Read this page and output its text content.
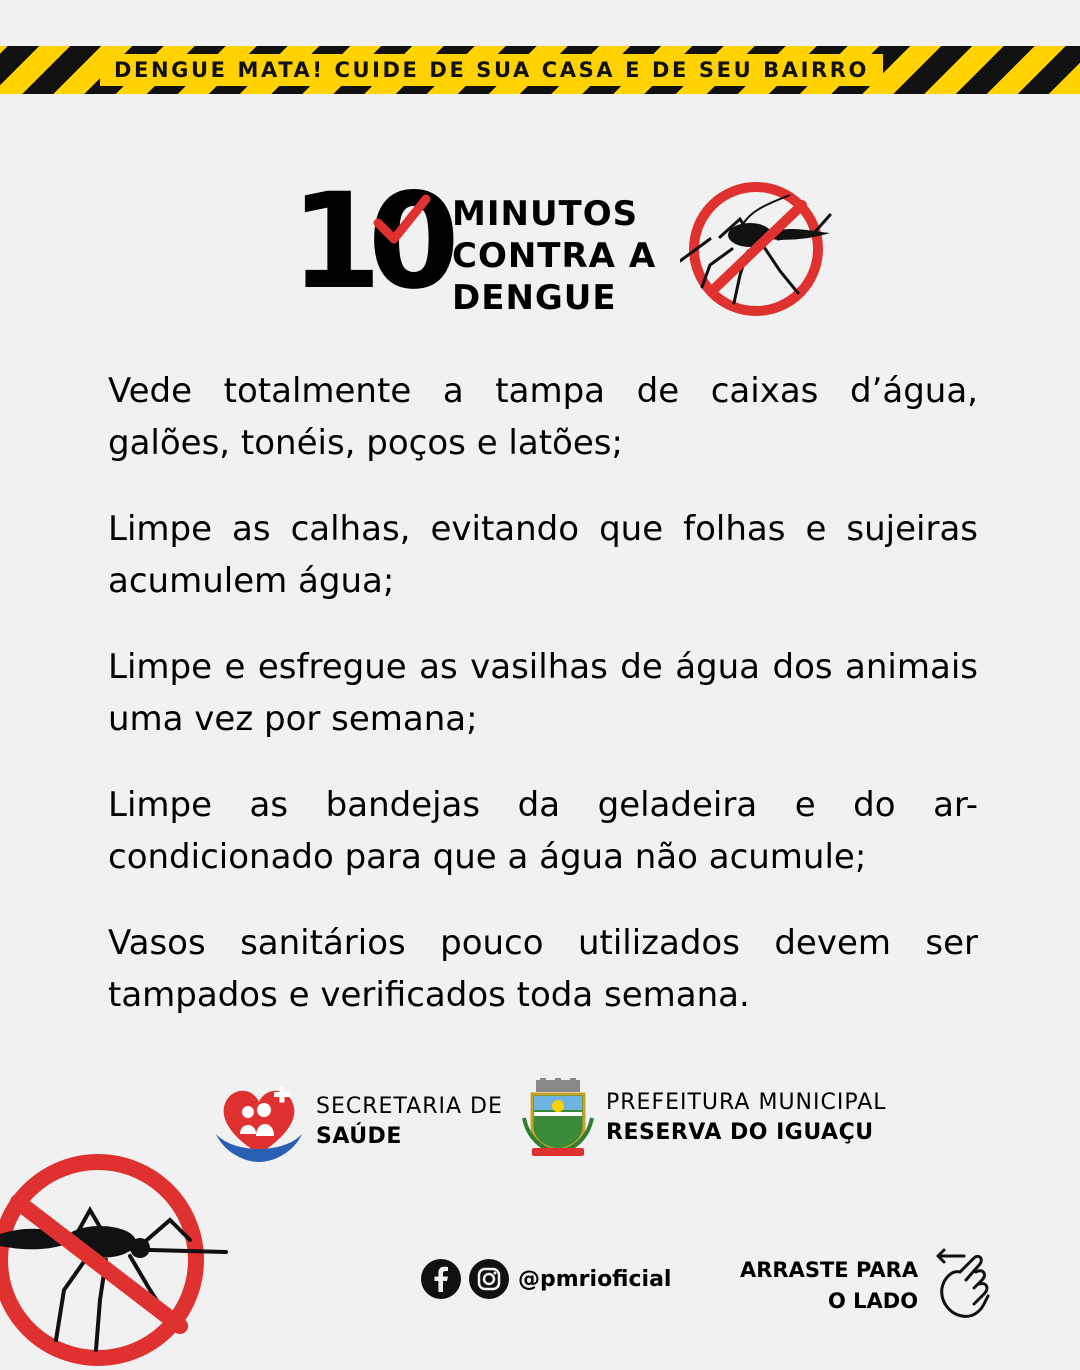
DENGUE MATA! CUIDE DE SUA CASA E DE SEU BAIRRO
10 MINUTOS
CONTRA A
DENGUE

Vede totalmente a tampa de caixas d’água, galões, tonéis, poços e latões;

Limpe as calhas, evitando que folhas e sujeiras acumulem água;

Limpe e esfregue as vasilhas de água dos animais uma vez por semana;

Limpe as bandejas da geladeira e do ar-condicionado para que a água não acumule;

Vasos sanitários pouco utilizados devem ser tampados e verificados toda semana.

SECRETARIA DE
SAÚDE
PREFEITURA MUNICIPAL
RESERVA DO IGUAÇU
@pmrioficial	ARRASTE PARA
O LADO
